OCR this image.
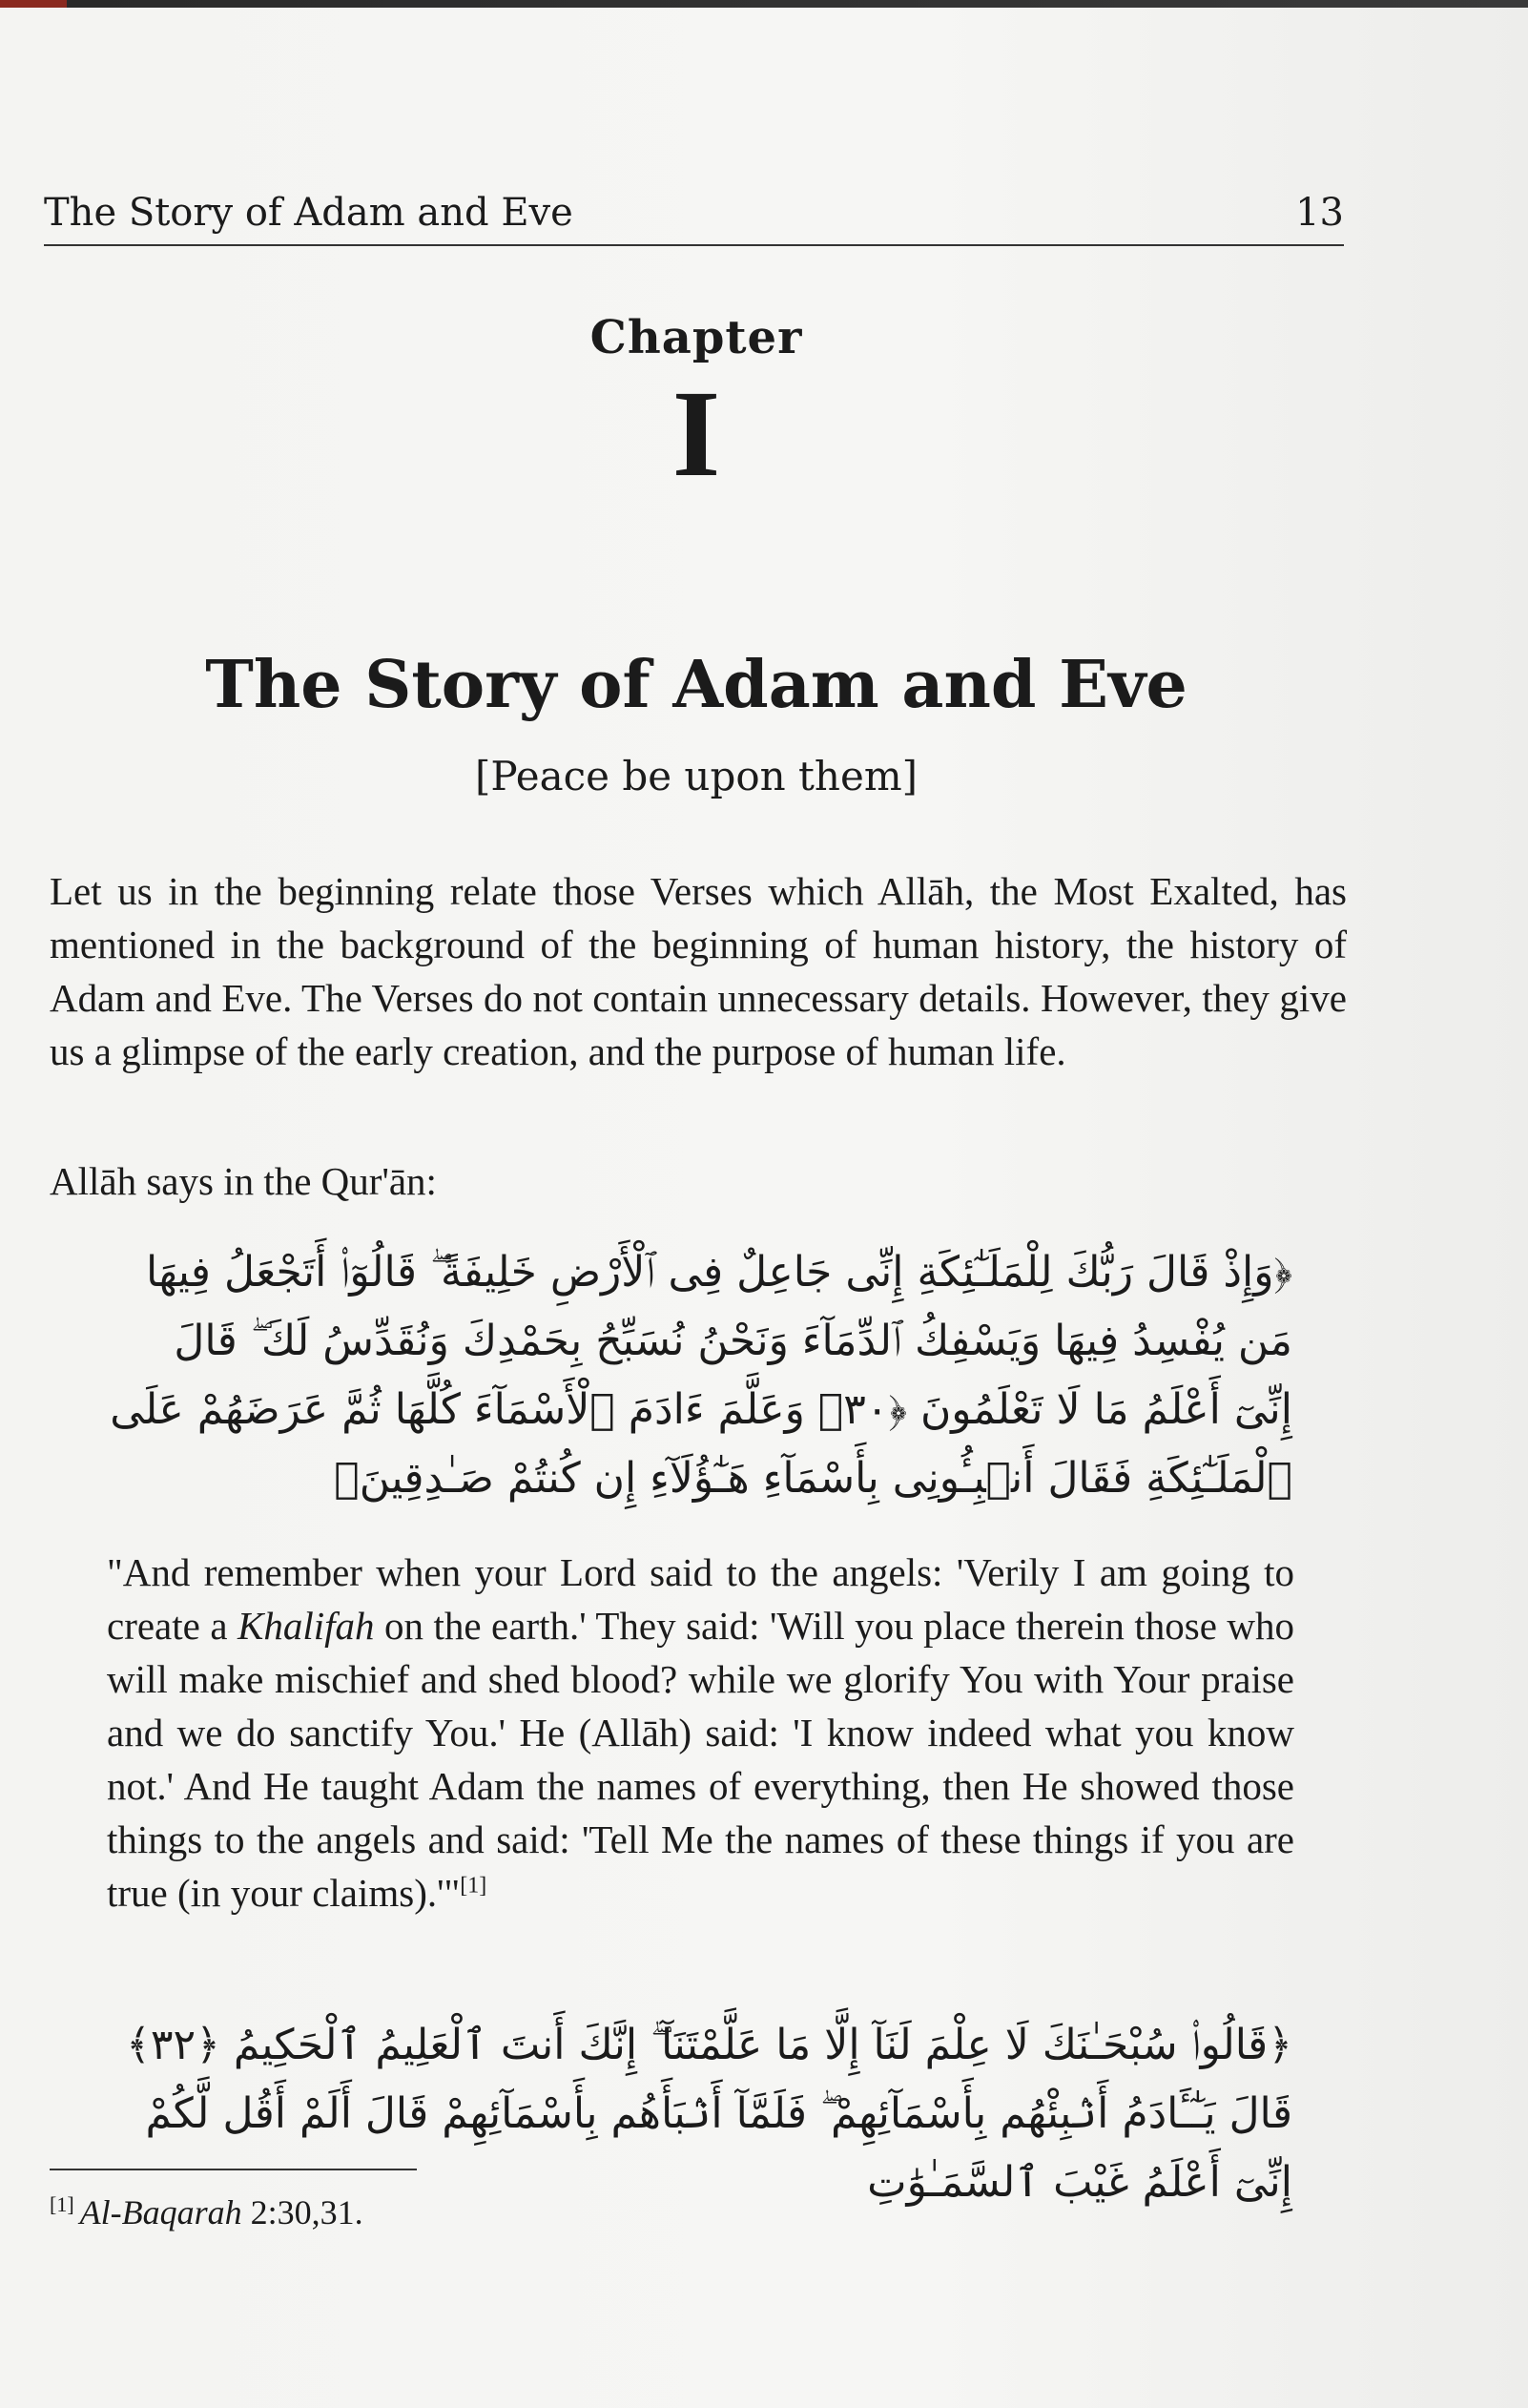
The Story of Adam and Eve	13
Chapter
I
The Story of Adam and Eve
[Peace be upon them]
Let us in the beginning relate those Verses which Allāh, the Most Exalted, has mentioned in the background of the beginning of human history, the history of Adam and Eve. The Verses do not contain unnecessary details. However, they give us a glimpse of the early creation, and the purpose of human life.
Allāh says in the Qur'ān:
﴿وَإِذْ قَالَ رَبُّكَ لِلْمَلَـٰٓئِكَةِ إِنِّى جَاعِلٌ فِى ٱلْأَرْضِ خَلِيفَةً ۖ قَالُوٓا۟ أَتَجْعَلُ فِيهَا مَن يُفْسِدُ فِيهَا وَيَسْفِكُ ٱلدِّمَآءَ وَنَحْنُ نُسَبِّحُ بِحَمْدِكَ وَنُقَدِّسُ لَكَ ۖ قَالَ إِنِّىٓ أَعْلَمُ مَا لَا تَعْلَمُونَ ﴿٣٠﴾ وَعَلَّمَ ءَادَمَ ٱلْأَسْمَآءَ كُلَّهَا ثُمَّ عَرَضَهُمْ عَلَى ٱلْمَلَـٰٓئِكَةِ فَقَالَ أَنۢبِـُٔونِى بِأَسْمَآءِ هَـٰٓؤُلَآءِ إِن كُنتُمْ صَـٰدِقِينَ﴾
"And remember when your Lord said to the angels: 'Verily I am going to create a Khalifah on the earth.' They said: 'Will you place therein those who will make mischief and shed blood? while we glorify You with Your praise and we do sanctify You.' He (Allāh) said: 'I know indeed what you know not.' And He taught Adam the names of everything, then He showed those things to the angels and said: 'Tell Me the names of these things if you are true (in your claims).'"[1]
﴿قَالُوا۟ سُبْحَـٰنَكَ لَا عِلْمَ لَنَآ إِلَّا مَا عَلَّمْتَنَآ ۖ إِنَّكَ أَنتَ ٱلْعَلِيمُ ٱلْحَكِيمُ ﴿٣٢﴾ قَالَ يَـٰٓـَٔادَمُ أَنۢبِئْهُم بِأَسْمَآئِهِمْ ۖ فَلَمَّآ أَنۢبَأَهُم بِأَسْمَآئِهِمْ قَالَ أَلَمْ أَقُل لَّكُمْ إِنِّىٓ أَعْلَمُ غَيْبَ ٱلسَّمَـٰوَٰتِ
[1] Al-Baqarah 2:30,31.
